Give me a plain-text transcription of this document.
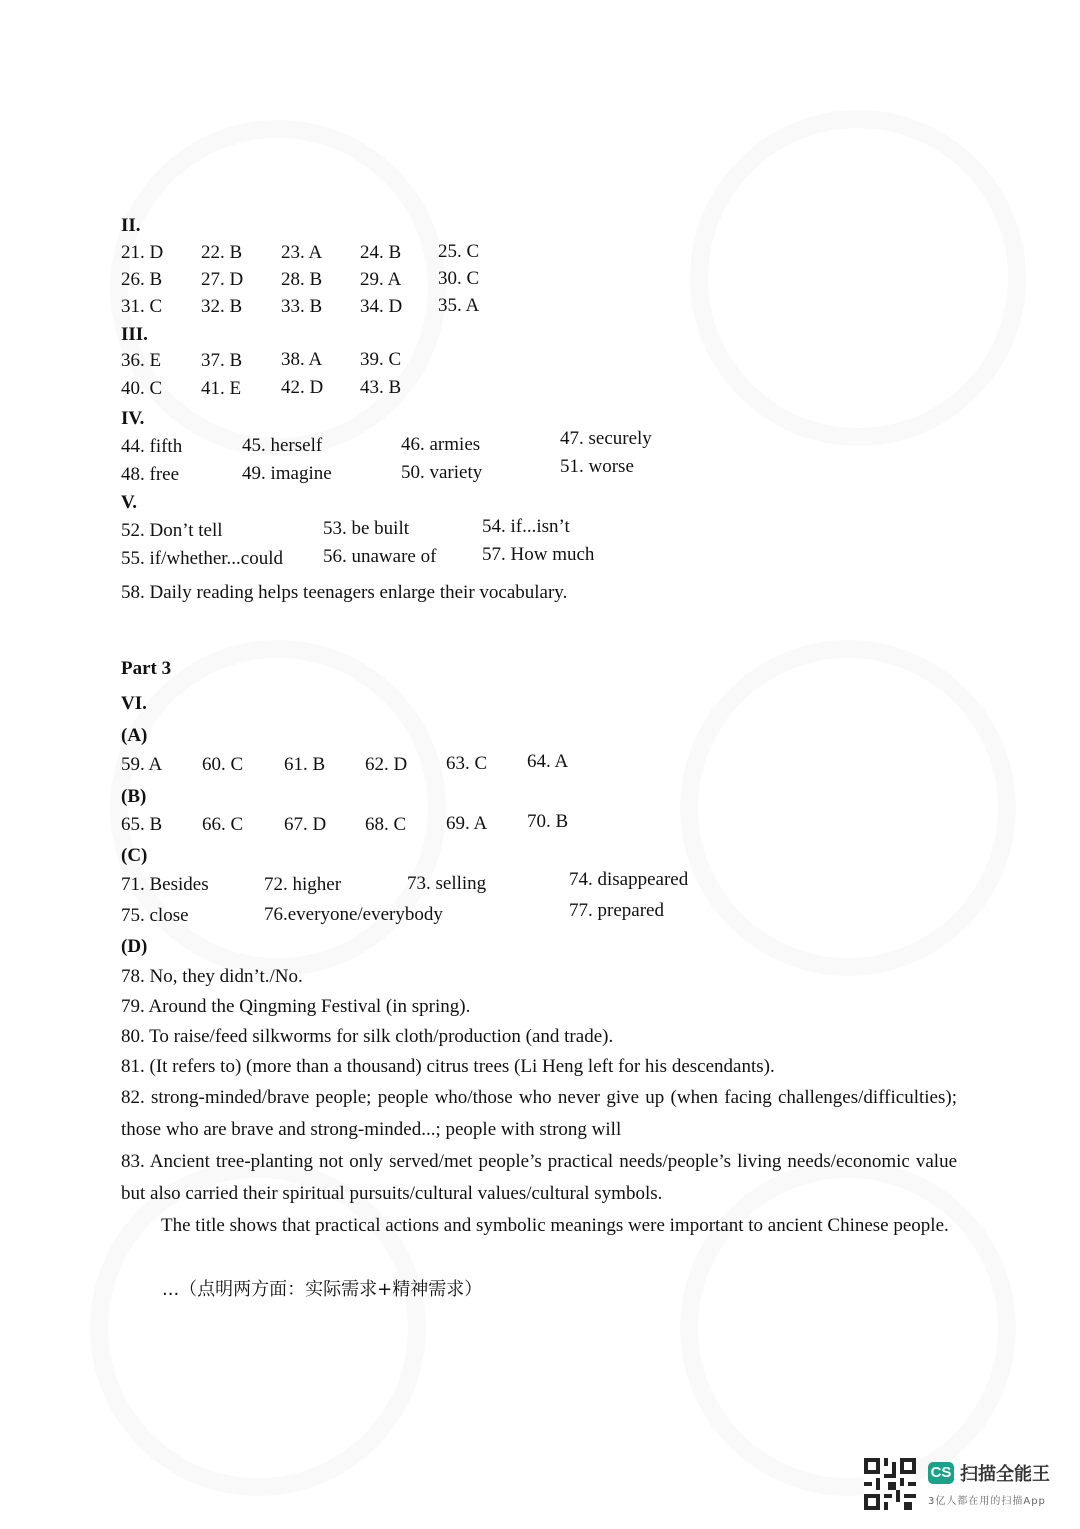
II.
21. D 22. B 23. A 24. B 25. C
26. B 27. D 28. B 29. A 30. C
31. C 32. B 33. B 34. D 35. A
III.
36. E 37. B 38. A 39. C
40. C 41. E 42. D 43. B
IV.
44. fifth	45. herself	46. armies	47. securely
48. free	49. imagine	50. variety	51. worse
V.
52. Don’t tell	53. be built	54. if...isn’t
55. if/whether...could 56. unaware of 57. How much
58. Daily reading helps teenagers enlarge their vocabulary.
Part 3
VI.
(A)
59. A 60. C 61. B 62. D 63. C 64. A
(B)
65. B 66. C 67. D 68. C 69. A 70. B
(C)
71. Besides	72. higher	73. selling	74. disappeared
75. close	76.everyone/everybody	77. prepared
(D)
78. No, they didn’t./No.
79. Around the Qingming Festival (in spring).
80. To raise/feed silkworms for silk cloth/production (and trade).
81. (It refers to) (more than a thousand) citrus trees (Li Heng left for his descendants).
82. strong-minded/brave people; people who/those who never give up (when facing challenges/difficulties); those who are brave and strong-minded...; people with strong will
83. Ancient tree-planting not only served/met people’s practical needs/people’s living needs/economic value but also carried their spiritual pursuits/cultural values/cultural symbols.
The title shows that practical actions and symbolic meanings were important to ancient Chinese people.
...（点明两方面：实际需求+精神需求）
CS 扫描全能王
3亿人都在用的扫描App
